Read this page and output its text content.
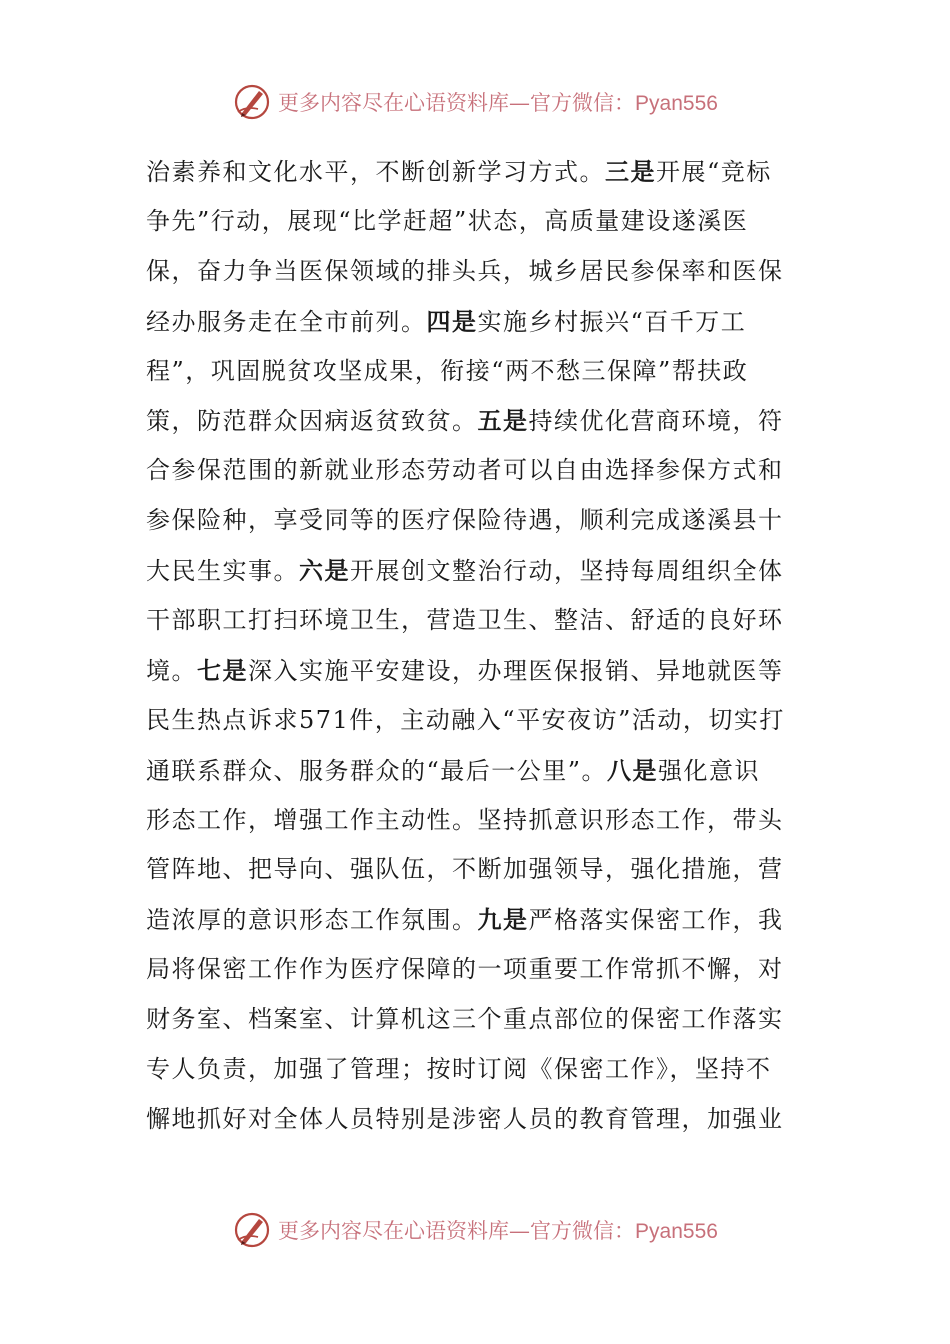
更多内容尽在心语资料库—官方微信：Pyan556
治素养和文化水平，不断创新学习方式。三是开展“竞标
争先”行动，展现“比学赶超”状态，高质量建设遂溪医
保，奋力争当医保领域的排头兵，城乡居民参保率和医保
经办服务走在全市前列。四是实施乡村振兴“百千万工
程”，巩固脱贫攻坚成果，衔接“两不愁三保障”帮扶政
策，防范群众因病返贫致贫。五是持续优化营商环境，符
合参保范围的新就业形态劳动者可以自由选择参保方式和
参保险种，享受同等的医疗保险待遇，顺利完成遂溪县十
大民生实事。六是开展创文整治行动，坚持每周组织全体
干部职工打扫环境卫生，营造卫生、整洁、舒适的良好环
境。七是深入实施平安建设，办理医保报销、异地就医等
民生热点诉求571件，主动融入“平安夜访”活动，切实打
通联系群众、服务群众的“最后一公里”。八是强化意识
形态工作，增强工作主动性。坚持抓意识形态工作，带头
管阵地、把导向、强队伍，不断加强领导，强化措施，营
造浓厚的意识形态工作氛围。九是严格落实保密工作，我
局将保密工作作为医疗保障的一项重要工作常抓不懈，对
财务室、档案室、计算机这三个重点部位的保密工作落实
专人负责，加强了管理；按时订阅《保密工作》，坚持不
懈地抓好对全体人员特别是涉密人员的教育管理，加强业
更多内容尽在心语资料库—官方微信：Pyan556
